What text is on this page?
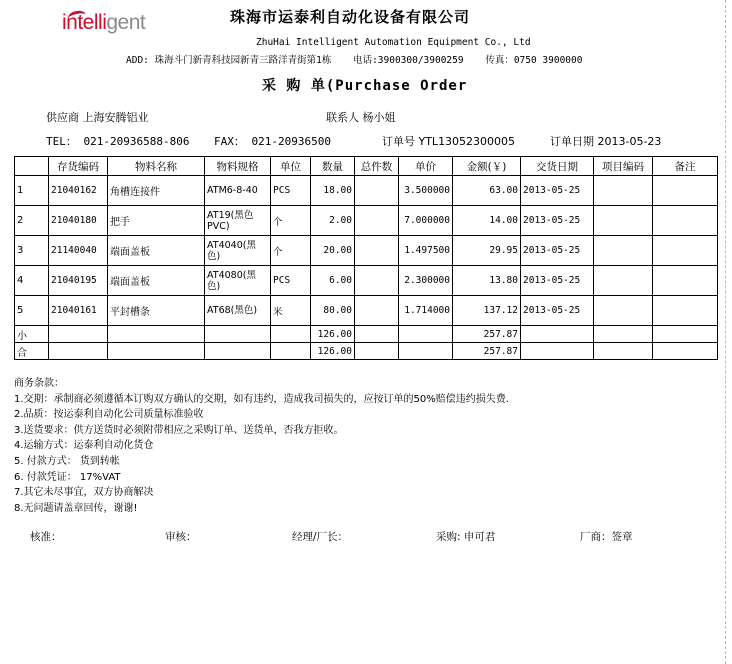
intelligent	珠海市运泰利自动化设备有限公司
ZhuHai Intelligent Automation Equipment Co., Ltd
ADD: 珠海斗门新青科技园新青三路洋青街第1栋 电话:3900300/3900259 传真：0750 3900000
采 购 单(Purchase Order
供应商 上海安腾铝业	联系人 杨小姐
TEL： 021-20936588-806 FAX： 021-20936500	订单号 YTL13052300005	订单日期 2013-05-23
	存货编码	物料名称	物料规格	单位	数量	总件数	单价	金额(￥)	交货日期	项目编码	备注
1	21040162	角槽连接件	ATM6-8-40	PCS	18.00		3.500000	63.00	2013-05-25		
2	21040180	把手	AT19(黑色PVC)	个	2.00		7.000000	14.00	2013-05-25		
3	21140040	端面盖板	AT4040(黑色)	个	20.00		1.497500	29.95	2013-05-25		
4	21040195	端面盖板	AT4080(黑色)	PCS	6.00		2.300000	13.80	2013-05-25		
5	21040161	平封槽条	AT68(黑色)	米	80.00		1.714000	137.12	2013-05-25		
小					126.00			257.87			
合					126.00			257.87			
商务条款：
1.交期：承制商必须遵循本订购双方确认的交期，如有违约，造成我司损失的，应按订单的50%赔偿违约损失费.
2.品质：按运泰利自动化公司质量标准验收
3.送货要求：供方送货时必须附带相应之采购订单、送货单，否我方拒收。
4.运输方式：运泰利自动化货仓
5. 付款方式： 货到转帐
6. 付款凭证： 17%VAT
7.其它未尽事宜，双方协商解决
8.无问题请盖章回传，谢谢!
核准：	审核：	经理/厂长：	采购: 申可君	厂商：签章
